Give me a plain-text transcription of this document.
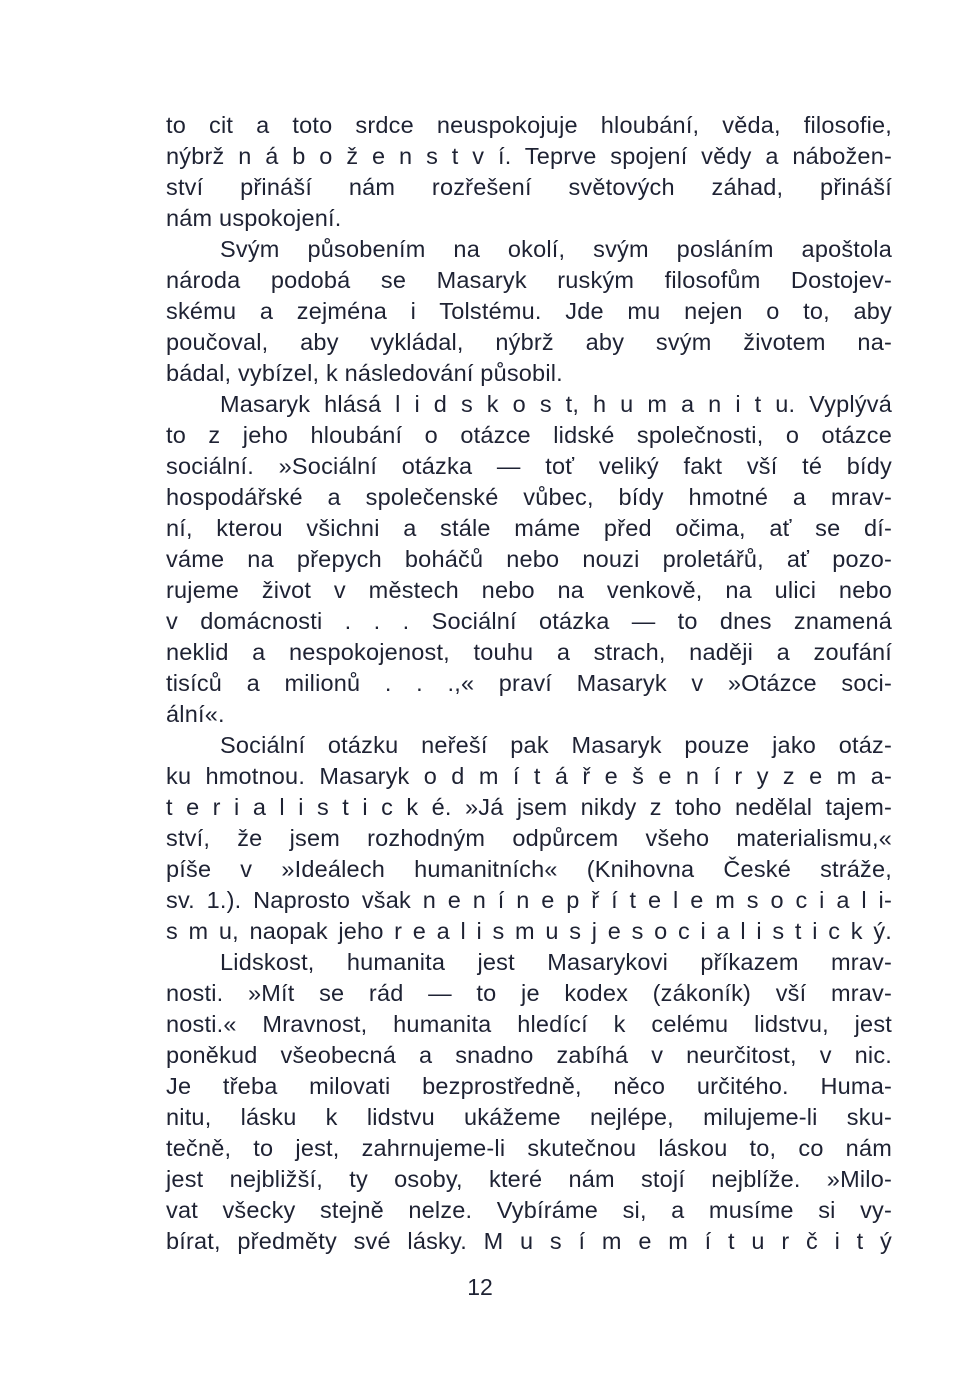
to cit a toto srdce neuspokojuje hloubání, věda, filosofie,
nýbrž n á b o ž e n s t v í. Teprve spojení vědy a nábožen-
ství přináší nám rozřešení světových záhad, přináší
nám uspokojení.
Svým působením na okolí, svým posláním apoštola
národa podobá se Masaryk ruským filosofům Dostojev-
skému a zejména i Tolstému. Jde mu nejen o to, aby
poučoval, aby vykládal, nýbrž aby svým životem na-
bádal, vybízel, k následování působil.
Masaryk hlásá l i d s k o s t, h u m a n i t u. Vyplývá
to z jeho hloubání o otázce lidské společnosti, o otázce
sociální. »Sociální otázka — toť veliký fakt vší té bídy
hospodářské a společenské vůbec, bídy hmotné a mrav-
ní, kterou všichni a stále máme před očima, ať se dí-
váme na přepych boháčů nebo nouzi proletářů, ať pozo-
rujeme život v městech nebo na venkově, na ulici nebo
v domácnosti . . . Sociální otázka — to dnes znamená
neklid a nespokojenost, touhu a strach, naději a zoufání
tisíců a milionů . . .,« praví Masaryk v »Otázce soci-
ální«.
Sociální otázku neřeší pak Masaryk pouze jako otáz-
ku hmotnou. Masaryk o d m í t á ř e š e n í r y z e m a-
t e r i a l i s t i c k é. »Já jsem nikdy z toho nedělal tajem-
ství, že jsem rozhodným odpůrcem všeho materialismu,«
píše v »Ideálech humanitních« (Knihovna České stráže,
sv. 1.). Naprosto však n e n í n e p ř í t e l e m s o c i a l i-
s m u, naopak jeho r e a l i s m u s j e s o c i a l i s t i c k ý.
Lidskost, humanita jest Masarykovi příkazem mrav-
nosti. »Mít se rád — to je kodex (zákoník) vší mrav-
nosti.« Mravnost, humanita hledící k celému lidstvu, jest
poněkud všeobecná a snadno zabíhá v neurčitost, v nic.
Je třeba milovati bezprostředně, něco určitého. Huma-
nitu, lásku k lidstvu ukážeme nejlépe, milujeme-li sku-
tečně, to jest, zahrnujeme-li skutečnou láskou to, co nám
jest nejbližší, ty osoby, které nám stojí nejblíže. »Milo-
vat všecky stejně nelze. Vybíráme si, a musíme si vy-
bírat, předměty své lásky. M u s í m e m í t u r č i t ý
12
